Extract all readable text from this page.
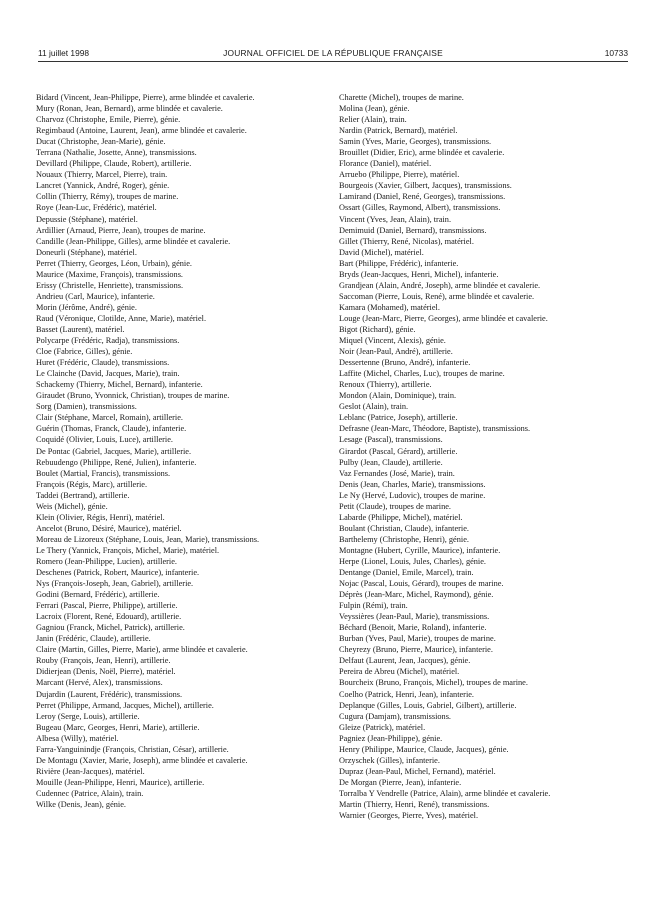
11 juillet 1998	JOURNAL OFFICIEL DE LA RÉPUBLIQUE FRANÇAISE	10733
Bidard (Vincent, Jean-Philippe, Pierre), arme blindée et cavalerie.
Mury (Ronan, Jean, Bernard), arme blindée et cavalerie.
Charvoz (Christophe, Emile, Pierre), génie.
Regimbaud (Antoine, Laurent, Jean), arme blindée et cavalerie.
Ducat (Christophe, Jean-Marie), génie.
Terrana (Nathalie, Josette, Anne), transmissions.
Devillard (Philippe, Claude, Robert), artillerie.
Nouaux (Thierry, Marcel, Pierre), train.
Lancret (Yannick, André, Roger), génie.
Collin (Thierry, Rémy), troupes de marine.
Roye (Jean-Luc, Frédéric), matériel.
Depussie (Stéphane), matériel.
Ardillier (Arnaud, Pierre, Jean), troupes de marine.
Candille (Jean-Philippe, Gilles), arme blindée et cavalerie.
Doneurli (Stéphane), matériel.
Perret (Thierry, Georges, Léon, Urbain), génie.
Maurice (Maxime, François), transmissions.
Erissy (Christelle, Henriette), transmissions.
Andrieu (Carl, Maurice), infanterie.
Morin (Jérôme, André), génie.
Raud (Véronique, Clotilde, Anne, Marie), matériel.
Basset (Laurent), matériel.
Polycarpe (Frédéric, Radja), transmissions.
Cloe (Fabrice, Gilles), génie.
Huret (Frédéric, Claude), transmissions.
Le Clainche (David, Jacques, Marie), train.
Schackemy (Thierry, Michel, Bernard), infanterie.
Giraudet (Bruno, Yvonnick, Christian), troupes de marine.
Sorg (Damien), transmissions.
Clair (Stéphane, Marcel, Romain), artillerie.
Guérin (Thomas, Franck, Claude), infanterie.
Coquidé (Olivier, Louis, Luce), artillerie.
De Pontac (Gabriel, Jacques, Marie), artillerie.
Rebuudengo (Philippe, René, Julien), infanterie.
Boulet (Martial, Francis), transmissions.
François (Régis, Marc), artillerie.
Taddei (Bertrand), artillerie.
Weis (Michel), génie.
Klein (Olivier, Régis, Henri), matériel.
Ancelot (Bruno, Désiré, Maurice), matériel.
Moreau de Lizoreux (Stéphane, Louis, Jean, Marie), transmissions.
Le Thery (Yannick, François, Michel, Marie), matériel.
Romero (Jean-Philippe, Lucien), artillerie.
Deschenes (Patrick, Robert, Maurice), infanterie.
Nys (François-Joseph, Jean, Gabriel), artillerie.
Godini (Bernard, Frédéric), artillerie.
Ferrari (Pascal, Pierre, Philippe), artillerie.
Lacroix (Florent, René, Edouard), artillerie.
Gagniou (Franck, Michel, Patrick), artillerie.
Janin (Frédéric, Claude), artillerie.
Claire (Martin, Gilles, Pierre, Marie), arme blindée et cavalerie.
Rouby (François, Jean, Henri), artillerie.
Didierjean (Denis, Noël, Pierre), matériel.
Marcant (Hervé, Alex), transmissions.
Dujardin (Laurent, Frédéric), transmissions.
Perret (Philippe, Armand, Jacques, Michel), artillerie.
Leroy (Serge, Louis), artillerie.
Bugeau (Marc, Georges, Henri, Marie), artillerie.
Albesa (Willy), matériel.
Farra-Yanguinindje (François, Christian, César), artillerie.
De Montagu (Xavier, Marie, Joseph), arme blindée et cavalerie.
Rivière (Jean-Jacques), matériel.
Mouille (Jean-Philippe, Henri, Maurice), artillerie.
Cudennec (Patrice, Alain), train.
Wilke (Denis, Jean), génie.
Charette (Michel), troupes de marine.
Molina (Jean), génie.
Relier (Alain), train.
Nardin (Patrick, Bernard), matériel.
Samin (Yves, Marie, Georges), transmissions.
Brouillet (Didier, Eric), arme blindée et cavalerie.
Florance (Daniel), matériel.
Arruebo (Philippe, Pierre), matériel.
Bourgeois (Xavier, Gilbert, Jacques), transmissions.
Lamirand (Daniel, René, Georges), transmissions.
Ossart (Gilles, Raymond, Albert), transmissions.
Vincent (Yves, Jean, Alain), train.
Demimuid (Daniel, Bernard), transmissions.
Gillet (Thierry, René, Nicolas), matériel.
David (Michel), matériel.
Bart (Philippe, Frédéric), infanterie.
Bryds (Jean-Jacques, Henri, Michel), infanterie.
Grandjean (Alain, André, Joseph), arme blindée et cavalerie.
Saccoman (Pierre, Louis, René), arme blindée et cavalerie.
Kamara (Mohamed), matériel.
Louge (Jean-Marc, Pierre, Georges), arme blindée et cavalerie.
Bigot (Richard), génie.
Miquel (Vincent, Alexis), génie.
Noir (Jean-Paul, André), artillerie.
Dessertenne (Bruno, André), infanterie.
Laffite (Michel, Charles, Luc), troupes de marine.
Renoux (Thierry), artillerie.
Mondon (Alain, Dominique), train.
Geslot (Alain), train.
Leblanc (Patrice, Joseph), artillerie.
Defrasne (Jean-Marc, Théodore, Baptiste), transmissions.
Lesage (Pascal), transmissions.
Girardot (Pascal, Gérard), artillerie.
Pulby (Jean, Claude), artillerie.
Vaz Fernandes (José, Marie), train.
Denis (Jean, Charles, Marie), transmissions.
Le Ny (Hervé, Ludovic), troupes de marine.
Petit (Claude), troupes de marine.
Labarde (Philippe, Michel), matériel.
Boulant (Christian, Claude), infanterie.
Barthelemy (Christophe, Henri), génie.
Montagne (Hubert, Cyrille, Maurice), infanterie.
Herpe (Lionel, Louis, Jules, Charles), génie.
Dentange (Daniel, Emile, Marcel), train.
Nojac (Pascal, Louis, Gérard), troupes de marine.
Déprès (Jean-Marc, Michel, Raymond), génie.
Fulpin (Rémi), train.
Veyssières (Jean-Paul, Marie), transmissions.
Béchard (Benoit, Marie, Roland), infanterie.
Burban (Yves, Paul, Marie), troupes de marine.
Cheyrezy (Bruno, Pierre, Maurice), infanterie.
Delfaut (Laurent, Jean, Jacques), génie.
Pereira de Abreu (Michel), matériel.
Bourcheix (Bruno, François, Michel), troupes de marine.
Coelho (Patrick, Henri, Jean), infanterie.
Deplanque (Gilles, Louis, Gabriel, Gilbert), artillerie.
Cugura (Damjam), transmissions.
Gleize (Patrick), matériel.
Pagniez (Jean-Philippe), génie.
Henry (Philippe, Maurice, Claude, Jacques), génie.
Orzyschek (Gilles), infanterie.
Dupraz (Jean-Paul, Michel, Fernand), matériel.
De Morgan (Pierre, Jean), infanterie.
Torralba Y Vendrelle (Patrice, Alain), arme blindée et cavalerie.
Martin (Thierry, Henri, René), transmissions.
Warnier (Georges, Pierre, Yves), matériel.
